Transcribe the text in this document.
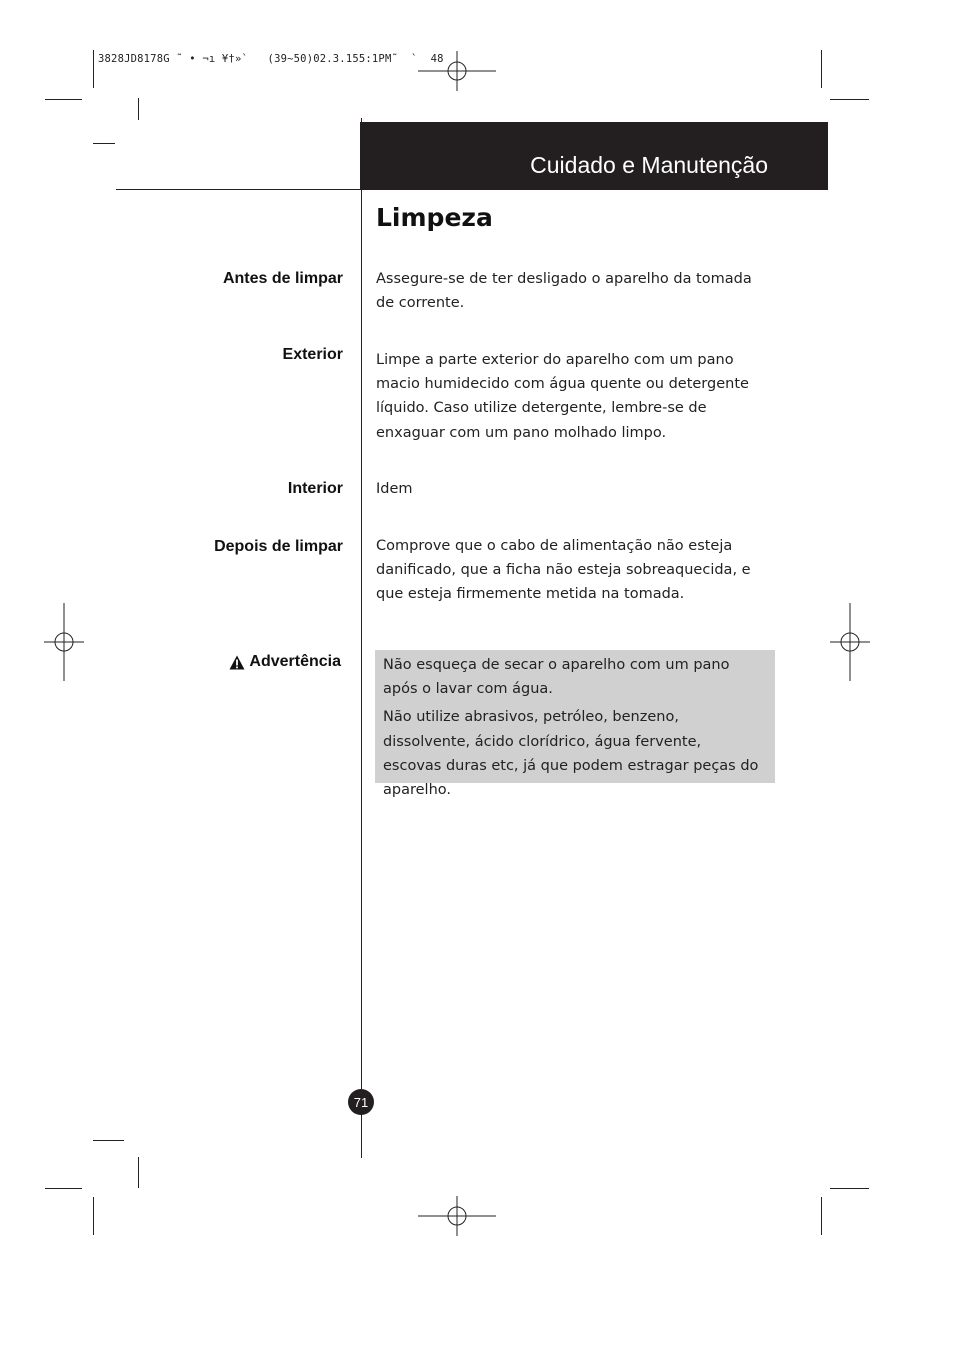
3828JD8178G ˜ • ¬ı ¥†»`   (39~50)02.3.155:1PM˜  `  48
Cuidado e Manutenção
Limpeza
Antes de limpar Assegure-se de ter desligado o aparelho da tomada de corrente.
Exterior Limpe a parte exterior do aparelho com um pano macio humidecido com água quente ou detergente líquido. Caso utilize detergente, lembre-se de enxaguar com um pano molhado limpo.
Interior Idem
Depois de limpar Comprove que o cabo de alimentação não esteja danificado, que a ficha não esteja sobreaquecida, e que esteja firmemente metida na tomada.
Advertência	Não esqueça de secar o aparelho com um pano após o lavar com água.

Não utilize abrasivos, petróleo, benzeno, dissolvente, ácido clorídrico, água fervente, escovas duras etc, já que podem estragar peças do aparelho.

71
